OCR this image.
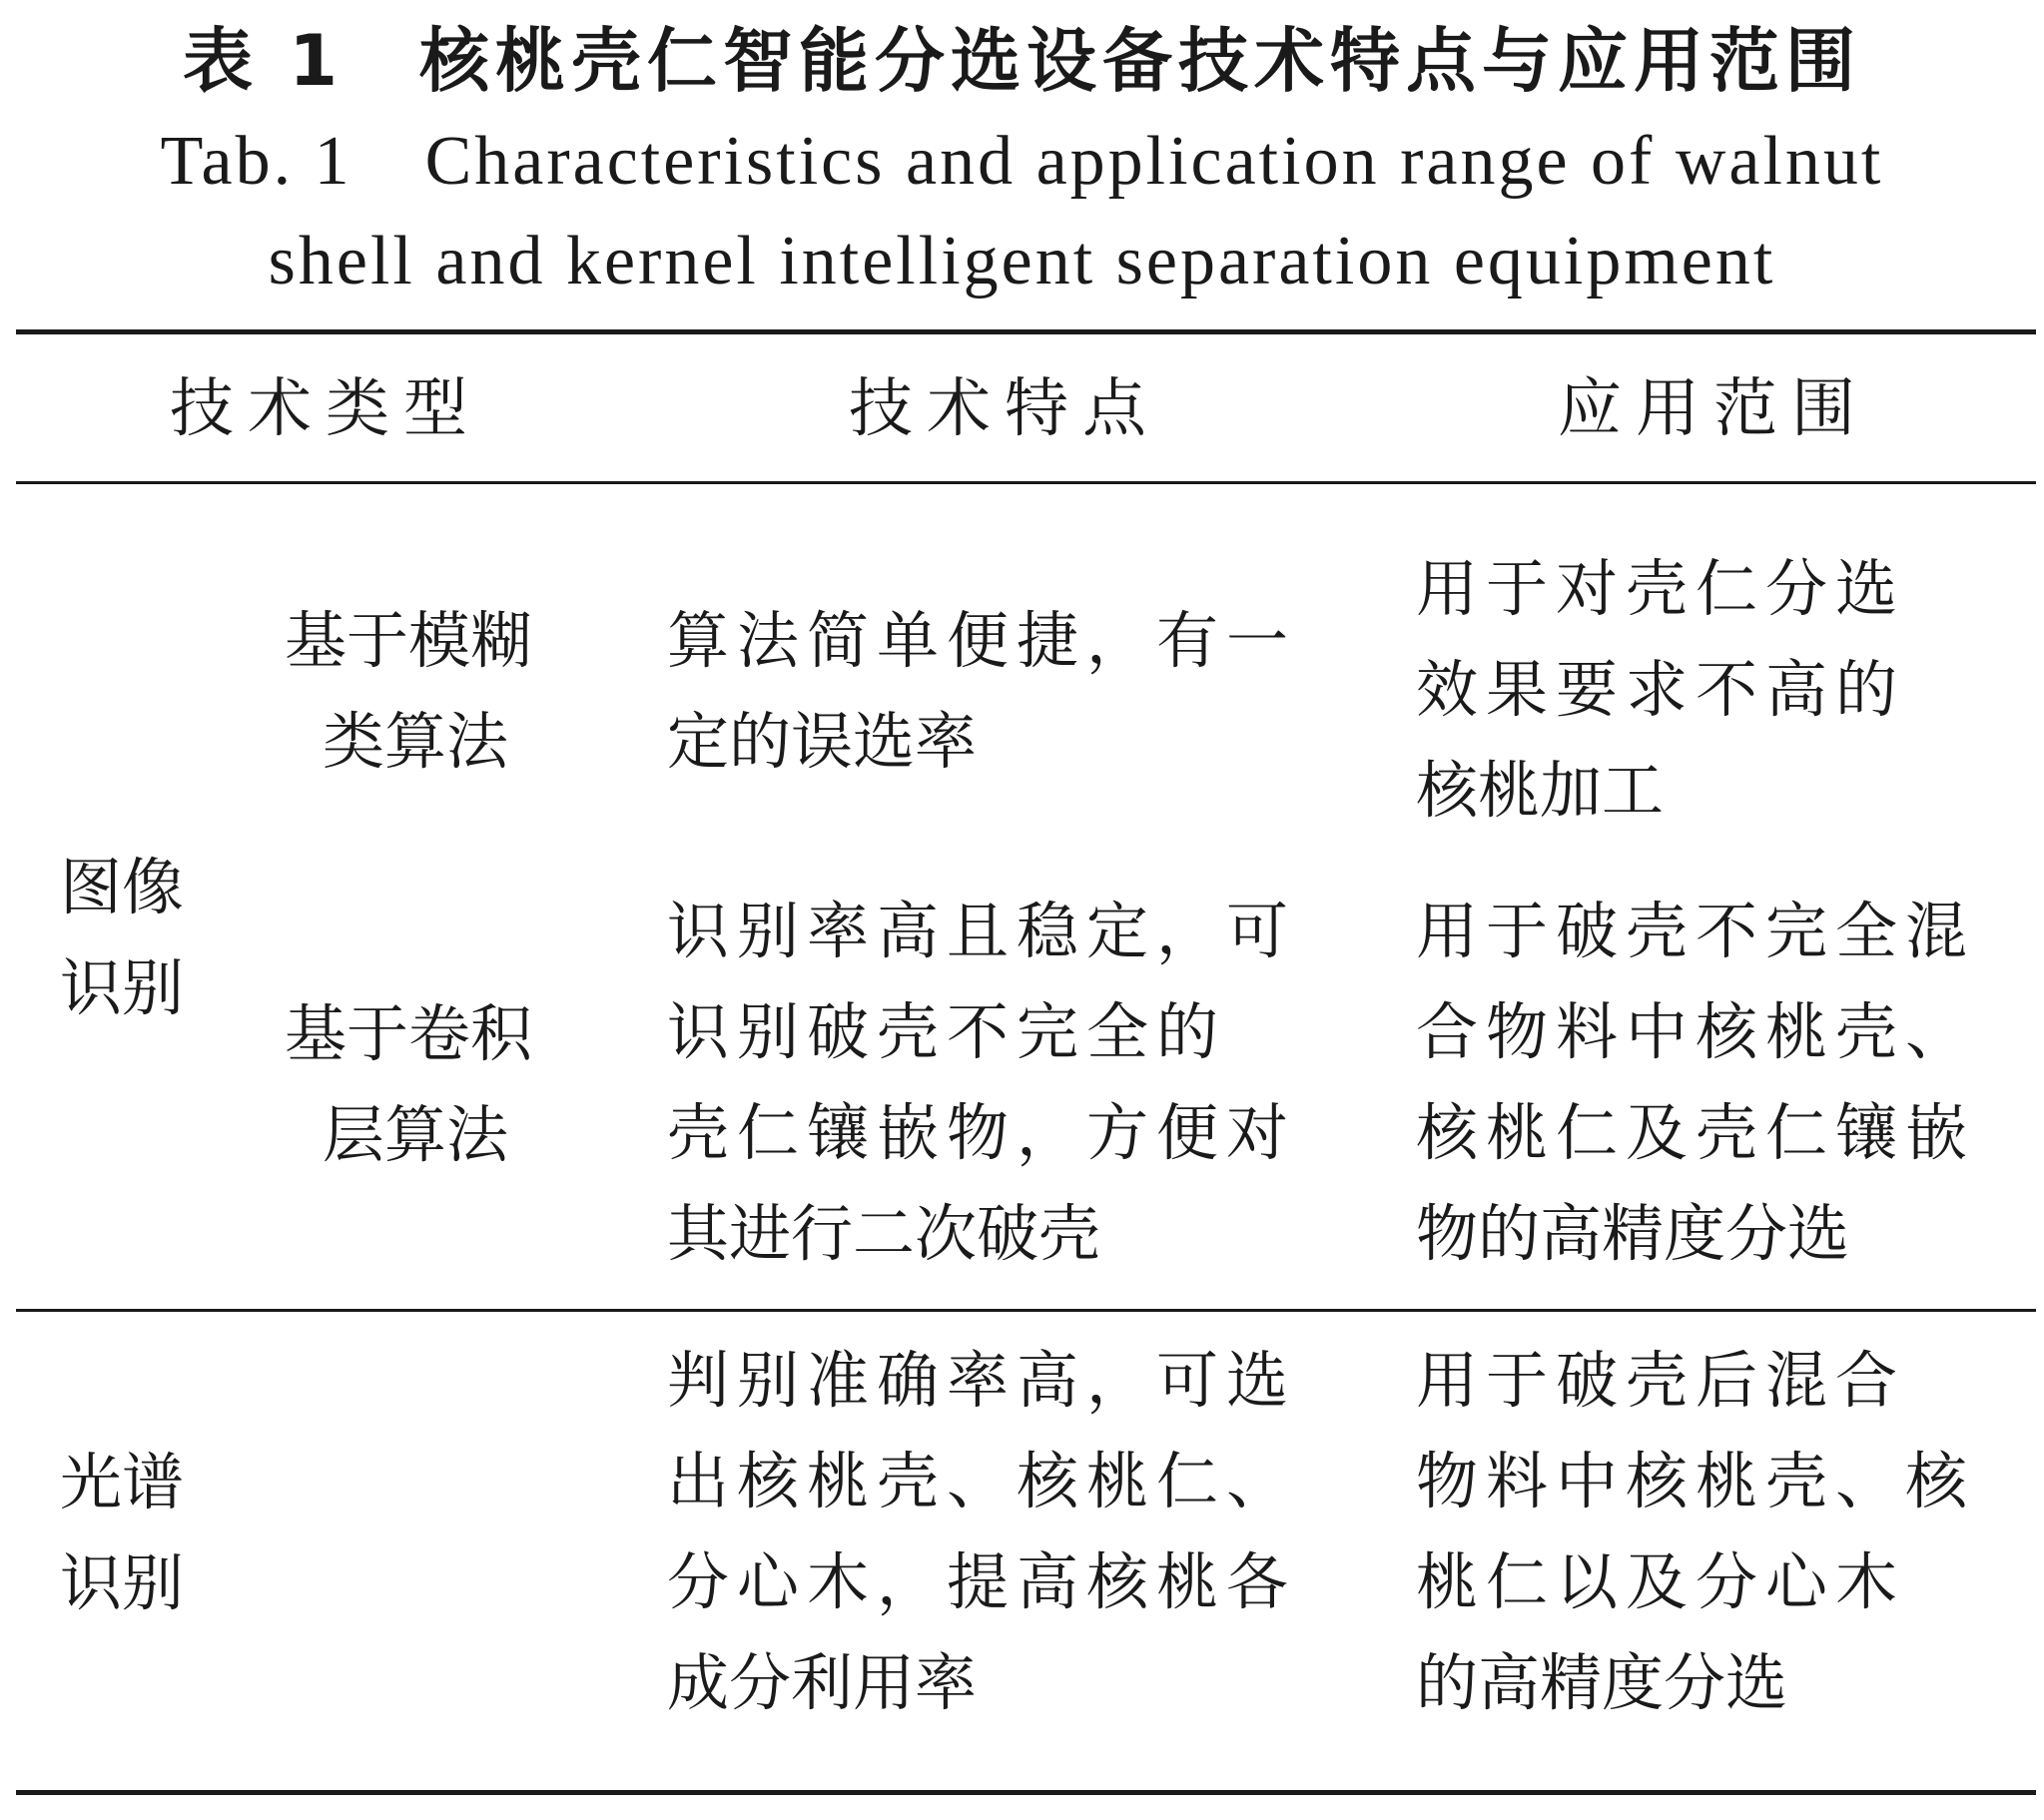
表 1　核桃壳仁智能分选设备技术特点与应用范围
Tab. 1　Characteristics and application range of walnut
shell and kernel intelligent separation equipment
技术类型	技术特点	应用范围
图像
识别
基于模糊
类算法
算法简单便捷，有一
定的误选率
用于对壳仁分选
效果要求不高的
核桃加工
基于卷积
层算法
识别率高且稳定，可
识别破壳不完全的
壳仁镶嵌物，方便对
其进行二次破壳
用于破壳不完全混
合物料中核桃壳、
核桃仁及壳仁镶嵌
物的高精度分选
光谱
识别
判别准确率高，可选
出核桃壳、核桃仁、
分心木，提高核桃各
成分利用率
用于破壳后混合
物料中核桃壳、核
桃仁以及分心木
的高精度分选
